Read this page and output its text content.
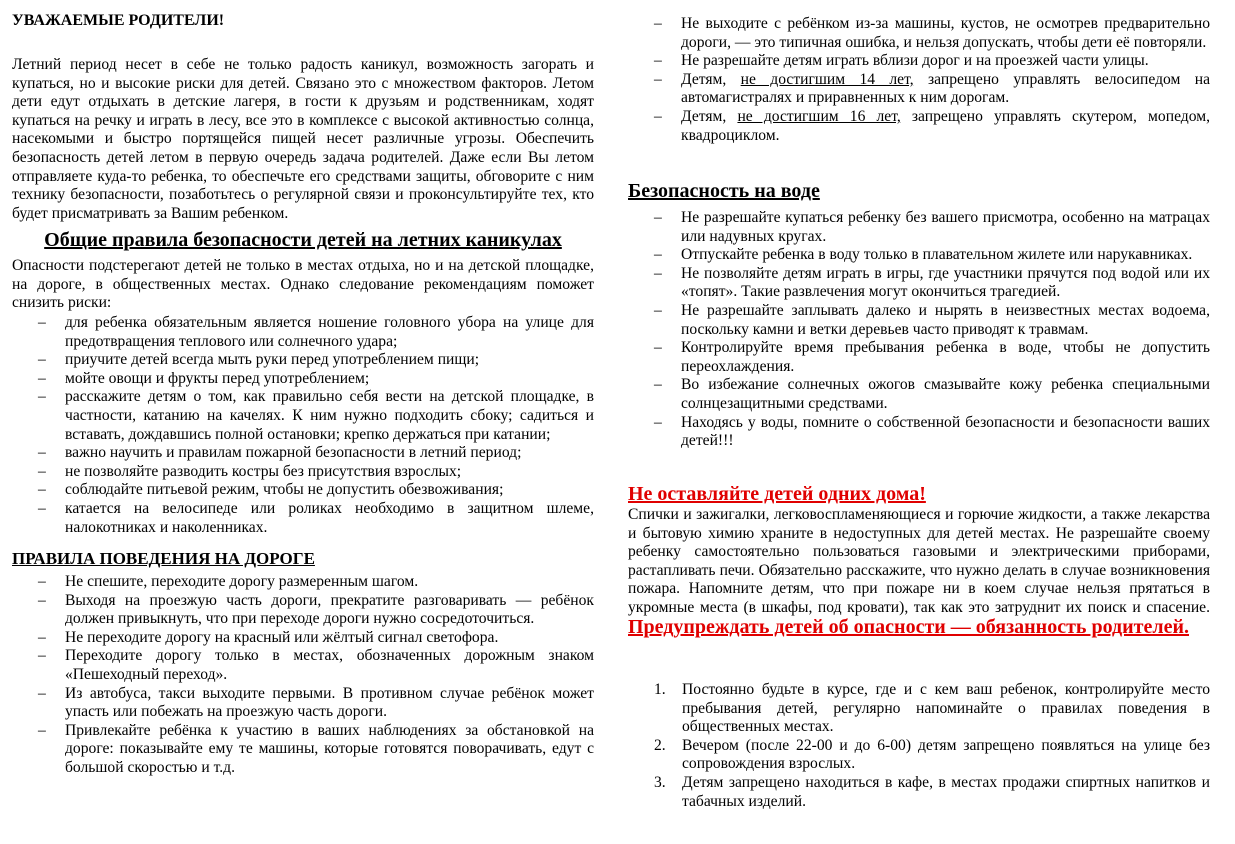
УВАЖАЕМЫЕ РОДИТЕЛИ!

Летний период несет в себе не только радость каникул, возможность загорать и купаться, но и высокие риски для детей. Связано это с множеством факторов. Летом дети едут отдыхать в детские лагеря, в гости к друзьям и родственникам, ходят купаться на речку и играть в лесу, все это в комплексе с высокой активностью солнца, насекомыми и быстро портящейся пищей несет различные угрозы. Обеспечить безопасность детей летом в первую очередь задача родителей. Даже если Вы летом отправляете куда-то ребенка, то обеспечьте его средствами защиты, обговорите с ним технику безопасности, позаботьтесь о регулярной связи и проконсультируйте тех, кто будет присматривать за Вашим ребенком.

Общие правила безопасности детей на летних каникулах

Опасности подстерегают детей не только в местах отдыха, но и на детской площадке, на дороге, в общественных местах. Однако следование рекомендациям поможет снизить риски:

– для ребенка обязательным является ношение головного убора на улице для предотвращения теплового или солнечного удара;
– приучите детей всегда мыть руки перед употреблением пищи;
– мойте овощи и фрукты перед употреблением;
– расскажите детям о том, как правильно себя вести на детской площадке, в частности, катанию на качелях. К ним нужно подходить сбоку; садиться и вставать, дождавшись полной остановки; крепко держаться при катании;
– важно научить и правилам пожарной безопасности в летний период;
– не позволяйте разводить костры без присутствия взрослых;
– соблюдайте питьевой режим, чтобы не допустить обезвоживания;
– катается на велосипеде или роликах необходимо в защитном шлеме, налокотниках и наколенниках.
ПРАВИЛА ПОВЕДЕНИЯ НА ДОРОГЕ
– Не спешите, переходите дорогу размеренным шагом.
– Выходя на проезжую часть дороги, прекратите разговаривать — ребёнок должен привыкнуть, что при переходе дороги нужно сосредоточиться.
– Не переходите дорогу на красный или жёлтый сигнал светофора.
– Переходите дорогу только в местах, обозначенных дорожным знаком «Пешеходный переход».
– Из автобуса, такси выходите первыми. В противном случае ребёнок может упасть или побежать на проезжую часть дороги.
– Привлекайте ребёнка к участию в ваших наблюдениях за обстановкой на дороге: показывайте ему те машины, которые готовятся поворачивать, едут с большой скоростью и т.д.
– Не выходите с ребёнком из-за машины, кустов, не осмотрев предварительно дороги, — это типичная ошибка, и нельзя допускать, чтобы дети её повторяли.
– Не разрешайте детям играть вблизи дорог и на проезжей части улицы.
– Детям, не достигшим 14 лет, запрещено управлять велосипедом на автомагистралях и приравненных к ним дорогам.
– Детям, не достигшим 16 лет, запрещено управлять скутером, мопедом, квадроциклом.
Безопасность на воде
– Не разрешайте купаться ребенку без вашего присмотра, особенно на матрацах или надувных кругах.
– Отпускайте ребенка в воду только в плавательном жилете или нарукавниках.
– Не позволяйте детям играть в игры, где участники прячутся под водой или их «топят». Такие развлечения могут окончиться трагедией.
– Не разрешайте заплывать далеко и нырять в неизвестных местах водоема, поскольку камни и ветки деревьев часто приводят к травмам.
– Контролируйте время пребывания ребенка в воде, чтобы не допустить переохлаждения.
– Во избежание солнечных ожогов смазывайте кожу ребенка специальными солнцезащитными средствами.
– Находясь у воды, помните о собственной безопасности и безопасности ваших детей!!!
Не оставляйте детей одних дома!

Спички и зажигалки, легковоспламеняющиеся и горючие жидкости, а также лекарства и бытовую химию храните в недоступных для детей местах. Не разрешайте своему ребенку самостоятельно пользоваться газовыми и электрическими приборами, растапливать печи. Обязательно расскажите, что нужно делать в случае возникновения пожара. Напомните детям, что при пожаре ни в коем случае нельзя прятаться в укромные места (в шкафы, под кровати), так как это затруднит их поиск и спасение. Предупреждать детей об опасности — обязанность родителей.

1. Постоянно будьте в курсе, где и с кем ваш ребенок, контролируйте место пребывания детей, регулярно напоминайте о правилах поведения в общественных местах.
2. Вечером (после 22-00 и до 6-00) детям запрещено появляться на улице без сопровождения взрослых.
3. Детям запрещено находиться в кафе, в местах продажи спиртных напитков и табачных изделий.
